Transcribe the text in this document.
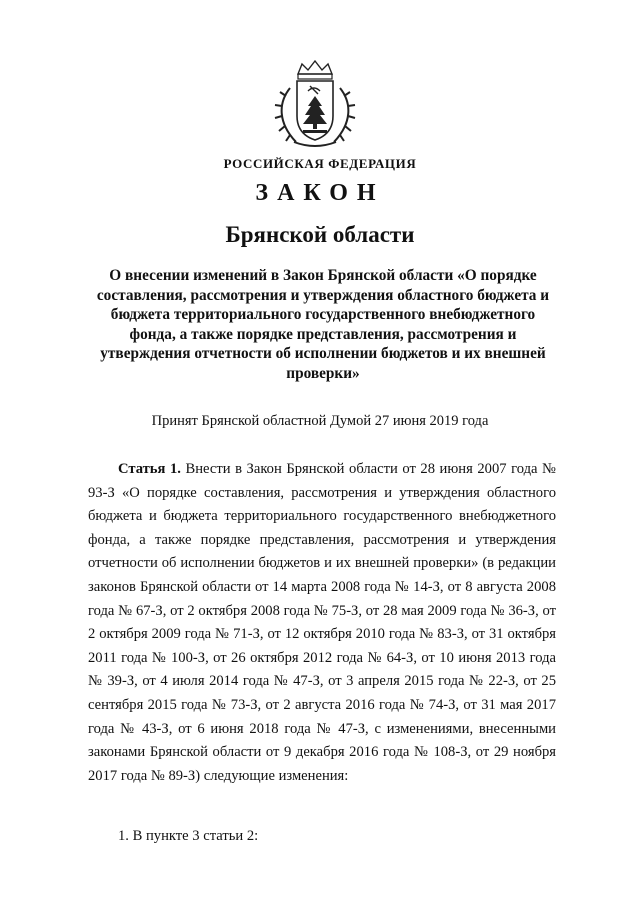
РОССИЙСКАЯ ФЕДЕРАЦИЯ
ЗАКОН
Брянской области
О внесении изменений в Закон Брянской области «О порядке составления, рассмотрения и утверждения областного бюджета и бюджета территориального государственного внебюджетного фонда, а также порядке представления, рассмотрения и утверждения отчетности об исполнении бюджетов и их внешней проверки»
Принят Брянской областной Думой 27 июня 2019 года
Статья 1. Внести в Закон Брянской области от 28 июня 2007 года № 93-З «О порядке составления, рассмотрения и утверждения областного бюджета и бюджета территориального государственного внебюджетного фонда, а также порядке представления, рассмотрения и утверждения отчетности об исполнении бюджетов и их внешней проверки» (в редакции законов Брянской области от 14 марта 2008 года № 14-З, от 8 августа 2008 года № 67-З, от 2 октября 2008 года № 75-З, от 28 мая 2009 года № 36-З, от 2 октября 2009 года № 71-З, от 12 октября 2010 года № 83-З, от 31 октября 2011 года № 100-З, от 26 октября 2012 года № 64-З, от 10 июня 2013 года № 39-З, от 4 июля 2014 года № 47-З, от 3 апреля 2015 года № 22-З, от 25 сентября 2015 года № 73-З, от 2 августа 2016 года № 74-З, от 31 мая 2017 года № 43-З, от 6 июня 2018 года № 47-З, с изменениями, внесенными законами Брянской области от 9 декабря 2016 года № 108-З, от 29 ноября 2017 года № 89-З) следующие изменения:
1. В пункте 3 статьи 2:
